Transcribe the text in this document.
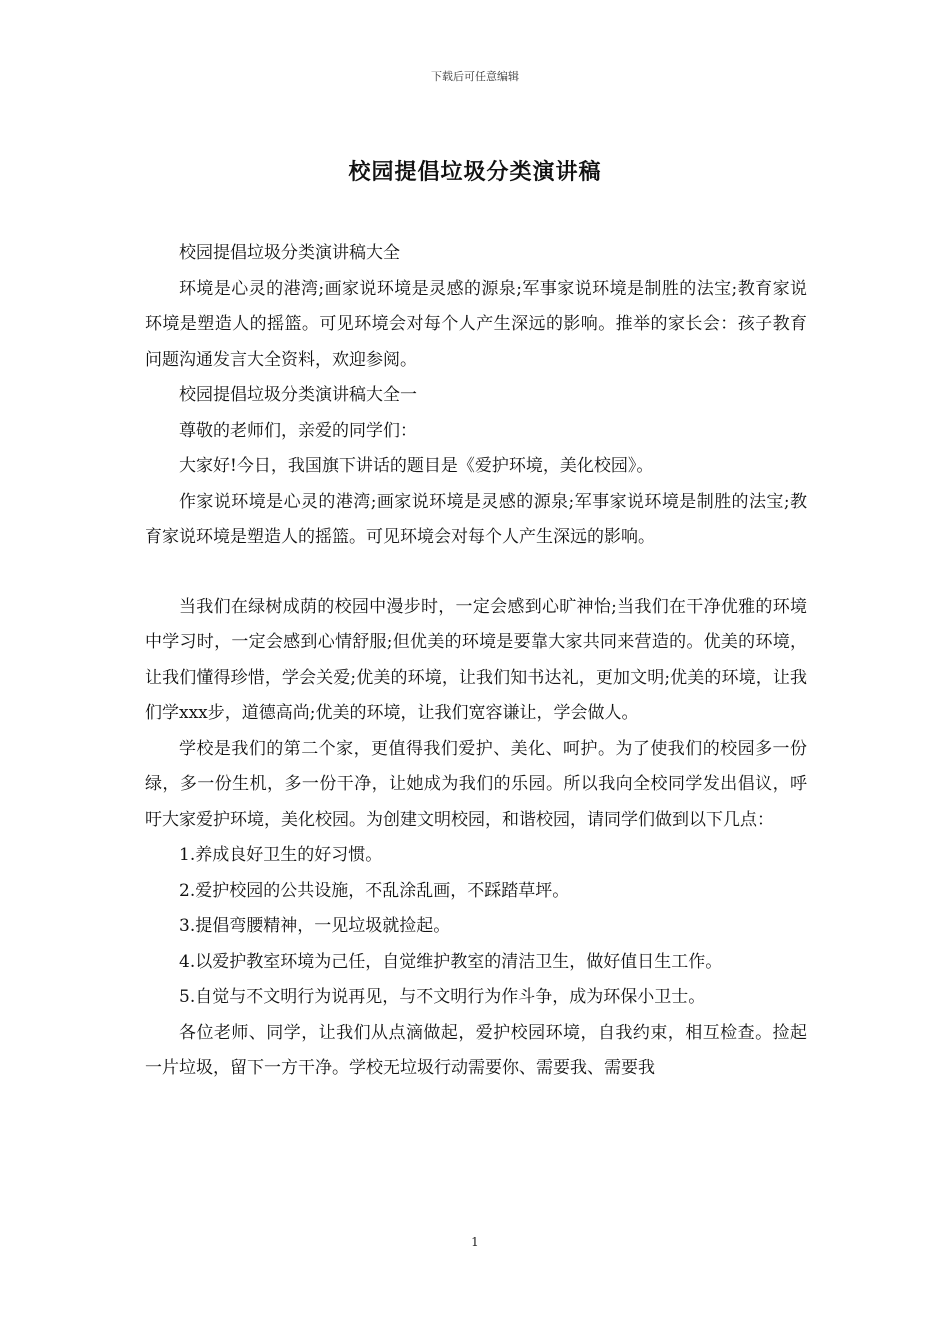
下载后可任意编辑
校园提倡垃圾分类演讲稿

校园提倡垃圾分类演讲稿大全

环境是心灵的港湾;画家说环境是灵感的源泉;军事家说环境是制胜的法宝;教育家说环境是塑造人的摇篮。可见环境会对每个人产生深远的影响。推举的家长会：孩子教育问题沟通发言大全资料，欢迎参阅。

校园提倡垃圾分类演讲稿大全一

尊敬的老师们，亲爱的同学们：

大家好!今日，我国旗下讲话的题目是《爱护环境，美化校园》。

作家说环境是心灵的港湾;画家说环境是灵感的源泉;军事家说环境是制胜的法宝;教育家说环境是塑造人的摇篮。可见环境会对每个人产生深远的影响。

当我们在绿树成荫的校园中漫步时，一定会感到心旷神怡;当我们在干净优雅的环境中学习时，一定会感到心情舒服;但优美的环境是要靠大家共同来营造的。优美的环境，让我们懂得珍惜，学会关爱;优美的环境，让我们知书达礼，更加文明;优美的环境，让我们学xxx步，道德高尚;优美的环境，让我们宽容谦让，学会做人。

学校是我们的第二个家，更值得我们爱护、美化、呵护。为了使我们的校园多一份绿，多一份生机，多一份干净，让她成为我们的乐园。所以我向全校同学发出倡议，呼吁大家爱护环境，美化校园。为创建文明校园，和谐校园，请同学们做到以下几点：

1.养成良好卫生的好习惯。

2.爱护校园的公共设施，不乱涂乱画，不踩踏草坪。

3.提倡弯腰精神，一见垃圾就捡起。

4.以爱护教室环境为己任，自觉维护教室的清洁卫生，做好值日生工作。

5.自觉与不文明行为说再见，与不文明行为作斗争，成为环保小卫士。

各位老师、同学，让我们从点滴做起，爱护校园环境，自我约束，相互检查。捡起一片垃圾，留下一方干净。学校无垃圾行动需要你、需要我、需要我

1
